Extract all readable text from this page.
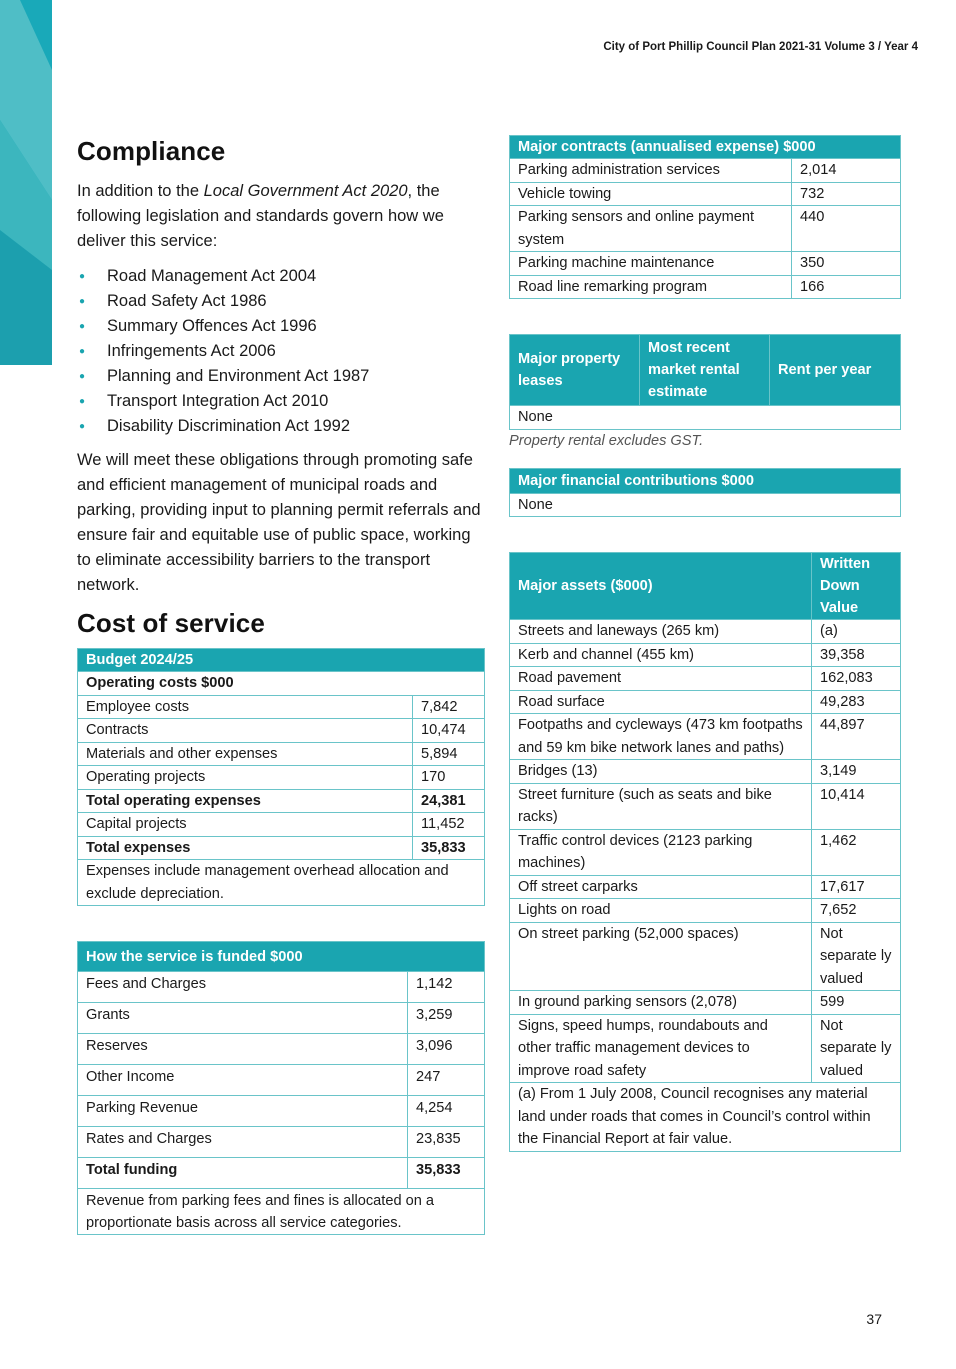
City of Port Phillip Council Plan 2021-31 Volume 3 / Year 4
Compliance

In addition to the Local Government Act 2020, the following legislation and standards govern how we deliver this service:

● Road Management Act 2004
● Road Safety Act 1986
● Summary Offences Act 1996
● Infringements Act 2006
● Planning and Environment Act 1987
● Transport Integration Act 2010
● Disability Discrimination Act 1992

We will meet these obligations through promoting safe and efficient management of municipal roads and parking, providing input to planning permit referrals and ensure fair and equitable use of public space, working to eliminate accessibility barriers to the transport network.

Cost of service
Budget 2024/25	
Operating costs $000	
Employee costs	7,842
Contracts	10,474
Materials and other expenses	5,894
Operating projects	170
Total operating expenses	24,381
Capital projects	11,452
Total expenses	35,833
Expenses include management overhead allocation and exclude depreciation.	
How the service is funded $000	
Fees and Charges	1,142
Grants	3,259
Reserves	3,096
Other Income	247
Parking Revenue	4,254
Rates and Charges	23,835
Total funding	35,833
Revenue from parking fees and fines is allocated on a proportionate basis across all service categories.	
Major contracts (annualised expense) $000	
Parking administration services	2,014
Vehicle towing	732
Parking sensors and online payment system	440
Parking machine maintenance	350
Road line remarking program	166
Major property leases	Most recent market rental estimate	Rent per year
None
Property rental excludes GST.
Major financial contributions $000
None
Major assets ($000)	Written Down Value
Streets and laneways (265 km)	(a)
Kerb and channel (455 km)	39,358
Road pavement	162,083
Road surface	49,283
Footpaths and cycleways (473 km footpaths and 59 km bike network lanes and paths)	44,897
Bridges (13)	3,149
Street furniture (such as seats and bike racks)	10,414
Traffic control devices (2123 parking machines)	1,462
Off street carparks	17,617
Lights on road	7,652
On street parking (52,000 spaces)	Not separate ly valued
In ground parking sensors (2,078)	599
Signs, speed humps, roundabouts and other traffic management devices to improve road safety	Not separate ly valued
(a) From 1 July 2008, Council recognises any material land under roads that comes in Council’s control within the Financial Report at fair value.	
37
